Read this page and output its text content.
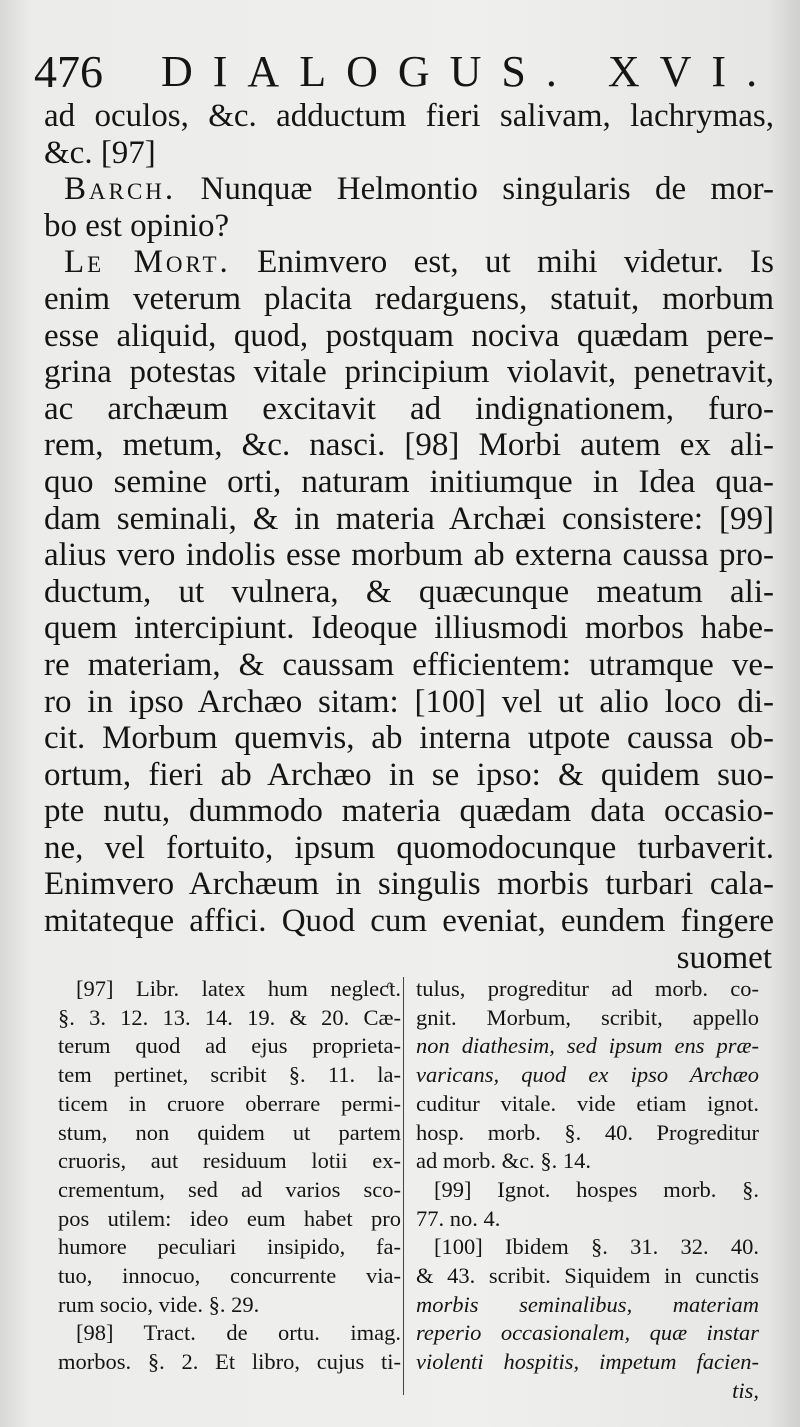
476 DIALOGUS. XVI.

ad oculos, &c. adductum fieri salivam, lachrymas,
&c. [97]

Barch. Nunquæ Helmontio singularis de mor-
bo est opinio?

Le Mort. Enimvero est, ut mihi videtur. Is
enim veterum placita redarguens, statuit, morbum
esse aliquid, quod, postquam nociva quædam pere-
grina potestas vitale principium violavit, penetravit,
ac archæum excitavit ad indignationem, furo-
rem, metum, &c. nasci. [98] Morbi autem ex ali-
quo semine orti, naturam initiumque in Idea qua-
dam seminali, & in materia Archæi consistere: [99]
alius vero indolis esse morbum ab externa caussa pro-
ductum, ut vulnera, & quæcunque meatum ali-
quem intercipiunt. Ideoque illiusmodi morbos habe-
re materiam, & caussam efficientem: utramque ve-
ro in ipso Archæo sitam: [100] vel ut alio loco di-
cit. Morbum quemvis, ab interna utpote caussa ob-
ortum, fieri ab Archæo in se ipso: & quidem suo-
pte nutu, dummodo materia quædam data occasio-
ne, vel fortuito, ipsum quomodocunque turbaverit.
Enimvero Archæum in singulis morbis turbari cala-
mitateque affici. Quod cum eveniat, eundem fingere

suomet
[97] Libr. latex hum negleƈt.
§. 3. 12. 13. 14. 19. & 20. Cæ-
terum quod ad ejus proprieta-
tem pertinet, scribit §. 11. la-
ticem in cruore oberrare permi-
stum, non quidem ut partem
cruoris, aut residuum lotii ex-
crementum, sed ad varios sco-
pos utilem: ideo eum habet pro
humore peculiari insipido, fa-
tuo, innocuo, concurrente via-
rum socio, vide. §. 29.
[98] Tract. de ortu. imag.
morbos. §. 2. Et libro, cujus ti-
tulus, progreditur ad morb. co-
gnit. Morbum, scribit, appello
non diathesim, sed ipsum ens præ-
varicans, quod ex ipso Archæo
cuditur vitale. vide etiam ignot.
hosp. morb. §. 40. Progreditur
ad morb. &c. §. 14.
[99] Ignot. hospes morb. §.
77. no. 4.
[100] Ibidem §. 31. 32. 40.
& 43. scribit. Siquidem in cunctis
morbis seminalibus, materiam
reperio occasionalem, quæ instar
violenti hospitis, impetum facien-
tis,
